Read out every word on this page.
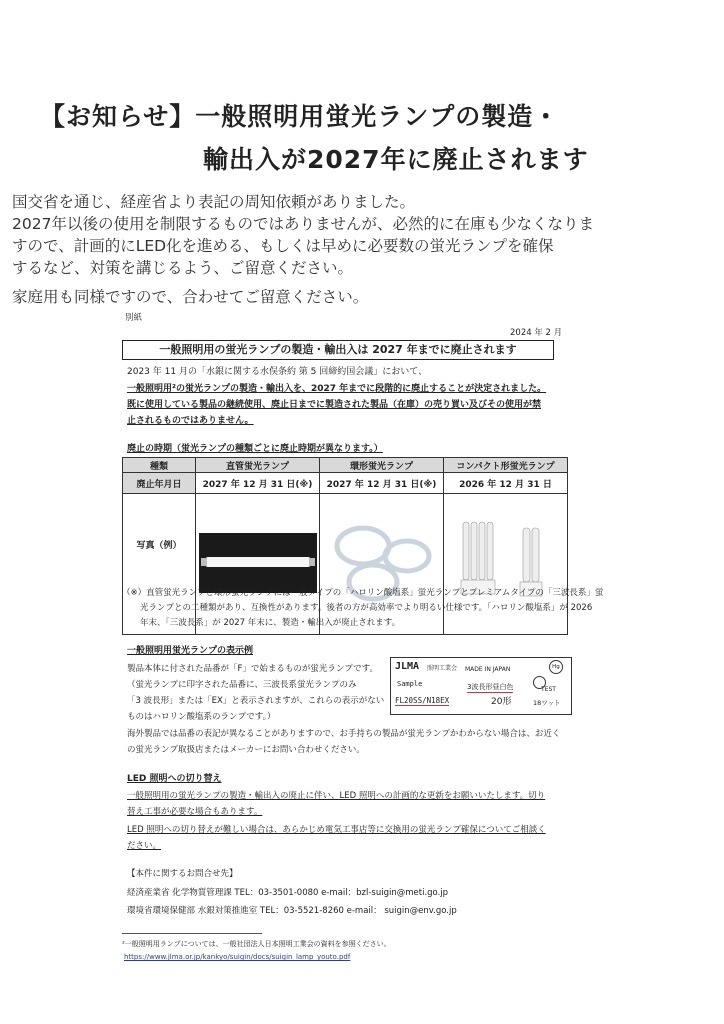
【お知らせ】一般照明用蛍光ランプの製造・
輸出入が2027年に廃止されます
国交省を通じ、経産省より表記の周知依頼がありました。
2027年以後の使用を制限するものではありませんが、必然的に在庫も少なくなりま
すので、計画的にLED化を進める、もしくは早めに必要数の蛍光ランプを確保
するなど、対策を講じるよう、ご留意ください。
家庭用も同様ですので、合わせてご留意ください。
別紙
2024 年 2 月
一般照明用の蛍光ランプの製造・輸出入は 2027 年までに廃止されます
2023 年 11 月の「水銀に関する水俣条約 第 5 回締約国会議」において、
一般照明用²の蛍光ランプの製造・輸出入を、2027 年までに段階的に廃止することが決定されました。
既に使用している製品の継続使用、廃止日までに製造された製品（在庫）の売り買い及びその使用が禁
止されるものではありません。
廃止の時期（蛍光ランプの種類ごとに廃止時期が異なります。）
種類	直管蛍光ランプ	環形蛍光ランプ	コンパクト形蛍光ランプ
廃止年月日	2027 年 12 月 31 日(※)	2027 年 12 月 31 日(※)	2026 年 12 月 31 日
写真（例）			
（※）直管蛍光ランプと環形蛍光ランプには一般タイプの「ハロリン酸塩系」蛍光ランプとプレミアムタイプの「三波長系」蛍
光ランプとの二種類があり、互換性があります。後者の方が高効率でより明るい仕様です。「ハロリン酸塩系」が 2026
年末、「三波長系」が 2027 年末に、製造・輸出入が廃止されます。
一般照明用蛍光ランプの表示例
製品本体に付された品番が「F」で始まるものが蛍光ランプです。
（蛍光ランプに印字された品番に、三波長系蛍光ランプのみ
「3 波長形」または「EX」と表示されますが、これらの表示がない
ものはハロリン酸塩系のランプです。）
海外製品では品番の表記が異なることがありますので、お手持ちの製品が蛍光ランプかわからない場合は、お近く
の蛍光ランプ取扱店またはメーカーにお問い合わせください。
JLMA 照明工業会 MADE IN JAPAN
Sample	3波長形昼白色
FL20SS/N18EX	20形	18ワット
Hg
TEST
LED 照明への切り替え
一般照明用の蛍光ランプの製造・輸出入の廃止に伴い、LED 照明への計画的な更新をお願いいたします。切り
替え工事が必要な場合もあります。
LED 照明への切り替えが難しい場合は、あらかじめ電気工事店等に交換用の蛍光ランプ確保についてご相談く
ださい。
【本件に関するお問合せ先】
経済産業省 化学物質管理課 TEL：03-3501-0080 e-mail：bzl-suigin@meti.go.jp
環境省環境保健部 水銀対策推進室 TEL：03-5521-8260 e-mail： suigin@env.go.jp
²一般照明用ランプについては、一般社団法人日本照明工業会の資料を参照ください。
https://www.jlma.or.jp/kankyo/suigin/docs/suigin_lamp_youto.pdf
